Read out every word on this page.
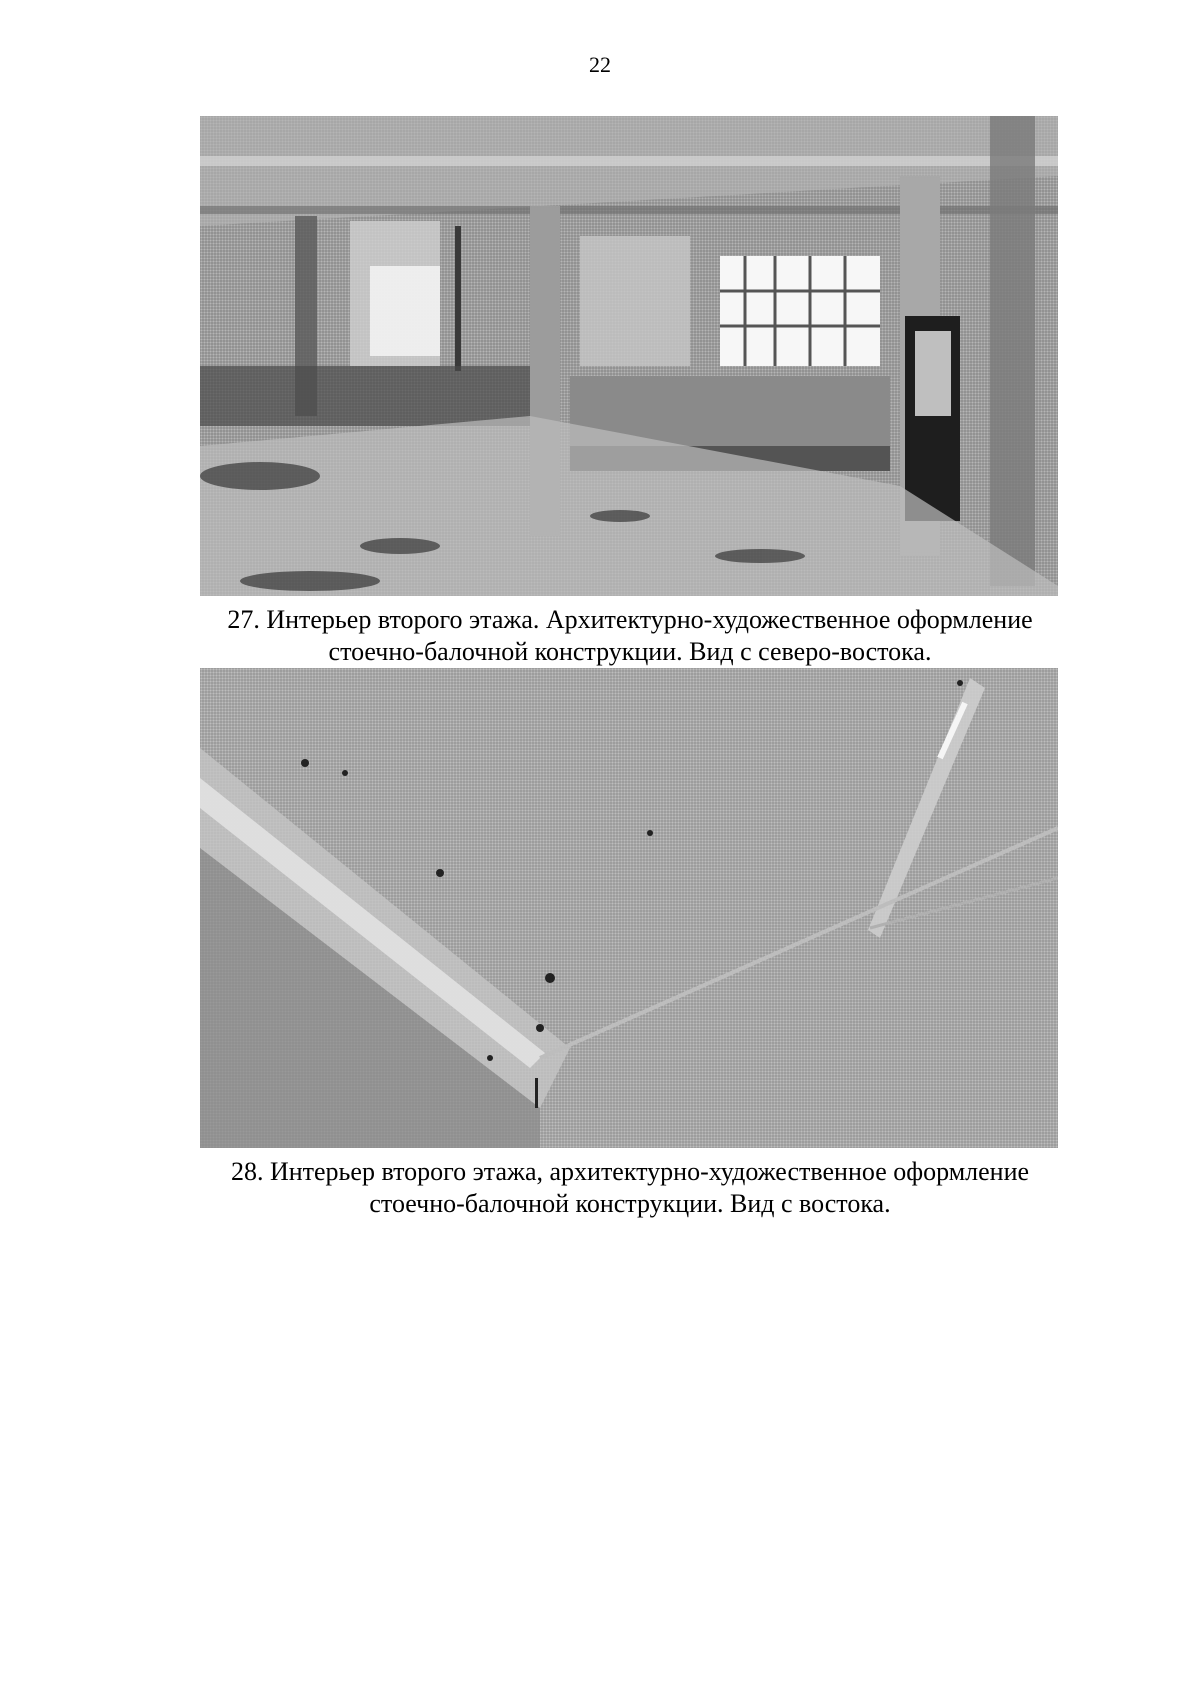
22
27. Интерьер второго этажа. Архитектурно-художественное оформление
стоечно-балочной конструкции. Вид с северо-востока.
28. Интерьер второго этажа, архитектурно-художественное оформление
стоечно-балочной конструкции. Вид с востока.
